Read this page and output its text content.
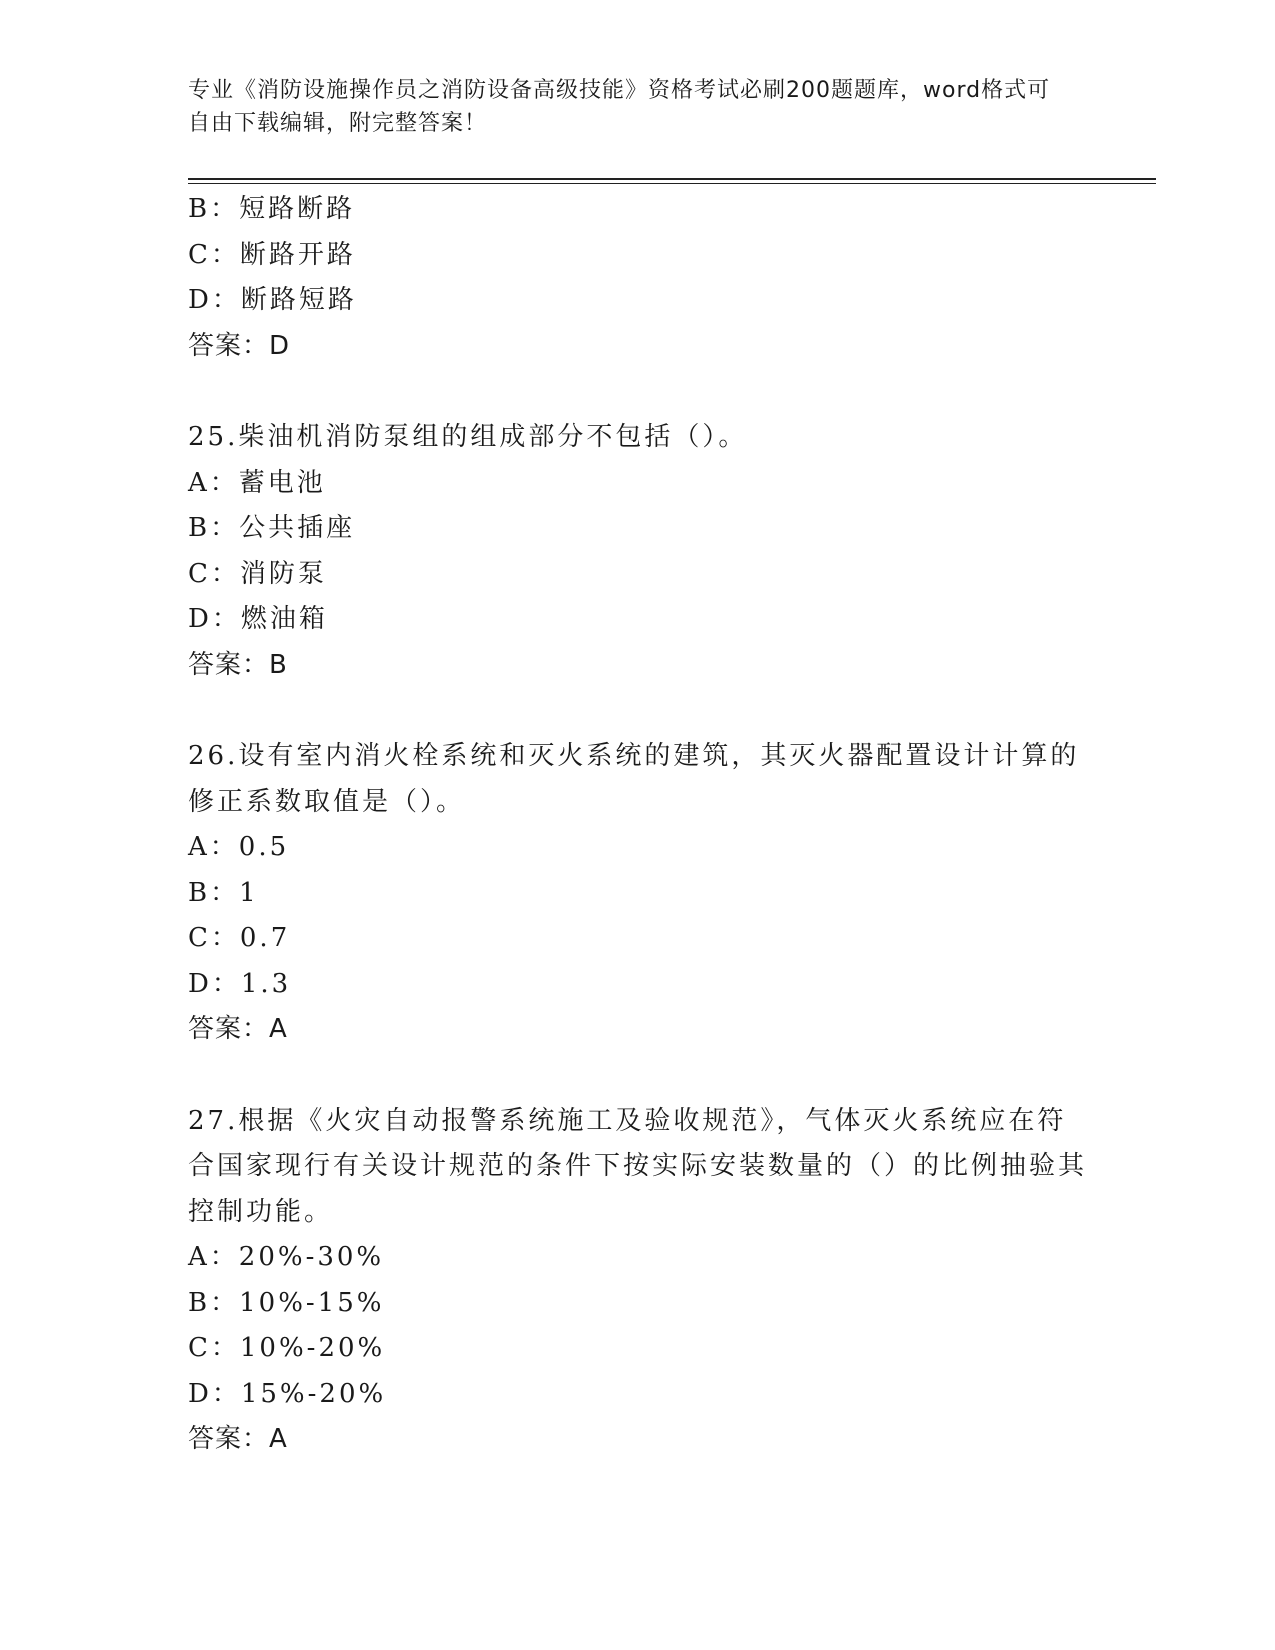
专业《消防设施操作员之消防设备高级技能》资格考试必刷200题题库，word格式可自由下载编辑，附完整答案！
B：短路断路
C：断路开路
D：断路短路
答案：D
25.柴油机消防泵组的组成部分不包括（）。
A：蓄电池
B：公共插座
C：消防泵
D：燃油箱
答案：B
26.设有室内消火栓系统和灭火系统的建筑，其灭火器配置设计计算的修正系数取值是（）。
A：0.5
B：1
C：0.7
D：1.3
答案：A
27.根据《火灾自动报警系统施工及验收规范》，气体灭火系统应在符合国家现行有关设计规范的条件下按实际安装数量的（）的比例抽验其控制功能。
A：20%-30%
B：10%-15%
C：10%-20%
D：15%-20%
答案：A
